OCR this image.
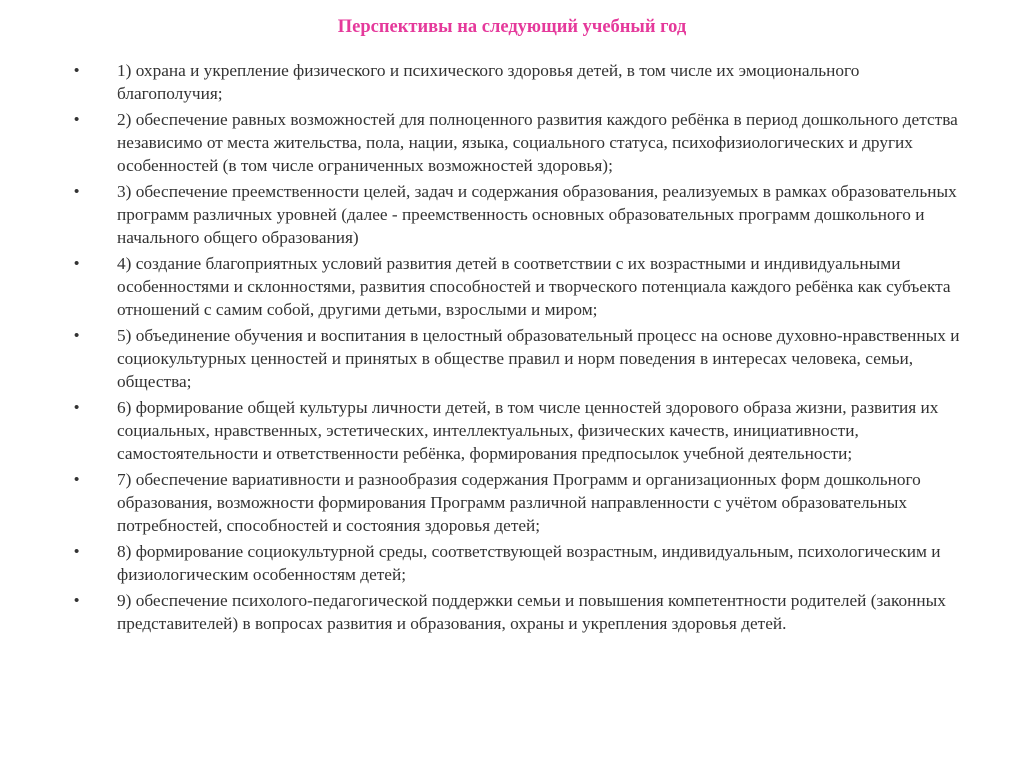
Перспективы на следующий учебный год
• 1) охрана и укрепление физического и психического здоровья детей, в том числе их эмоционального благополучия;
• 2) обеспечение равных возможностей для полноценного развития каждого ребёнка в период дошкольного детства независимо от места жительства, пола, нации, языка, социального статуса, психофизиологических и других особенностей (в том числе ограниченных возможностей здоровья);
• 3) обеспечение преемственности целей, задач и содержания образования, реализуемых в рамках образовательных программ различных уровней (далее - преемственность основных образовательных программ дошкольного и начального общего образования)
• 4) создание благоприятных условий развития детей в соответствии с их возрастными и индивидуальными особенностями и склонностями, развития способностей и творческого потенциала каждого ребёнка как субъекта отношений с самим собой, другими детьми, взрослыми и миром;
• 5) объединение обучения и воспитания в целостный образовательный процесс на основе духовно-нравственных и социокультурных ценностей и принятых в обществе правил и норм поведения в интересах человека, семьи, общества;
• 6) формирование общей культуры личности детей, в том числе ценностей здорового образа жизни, развития их социальных, нравственных, эстетических, интеллектуальных, физических качеств, инициативности, самостоятельности и ответственности ребёнка, формирования предпосылок учебной деятельности;
• 7) обеспечение вариативности и разнообразия содержания Программ и организационных форм дошкольного образования, возможности формирования Программ различной направленности с учётом образовательных потребностей, способностей и состояния здоровья детей;
• 8) формирование социокультурной среды, соответствующей возрастным, индивидуальным, психологическим и физиологическим особенностям детей;
• 9) обеспечение психолого-педагогической поддержки семьи и повышения компетентности родителей (законных представителей) в вопросах развития и образования, охраны и укрепления здоровья детей.
